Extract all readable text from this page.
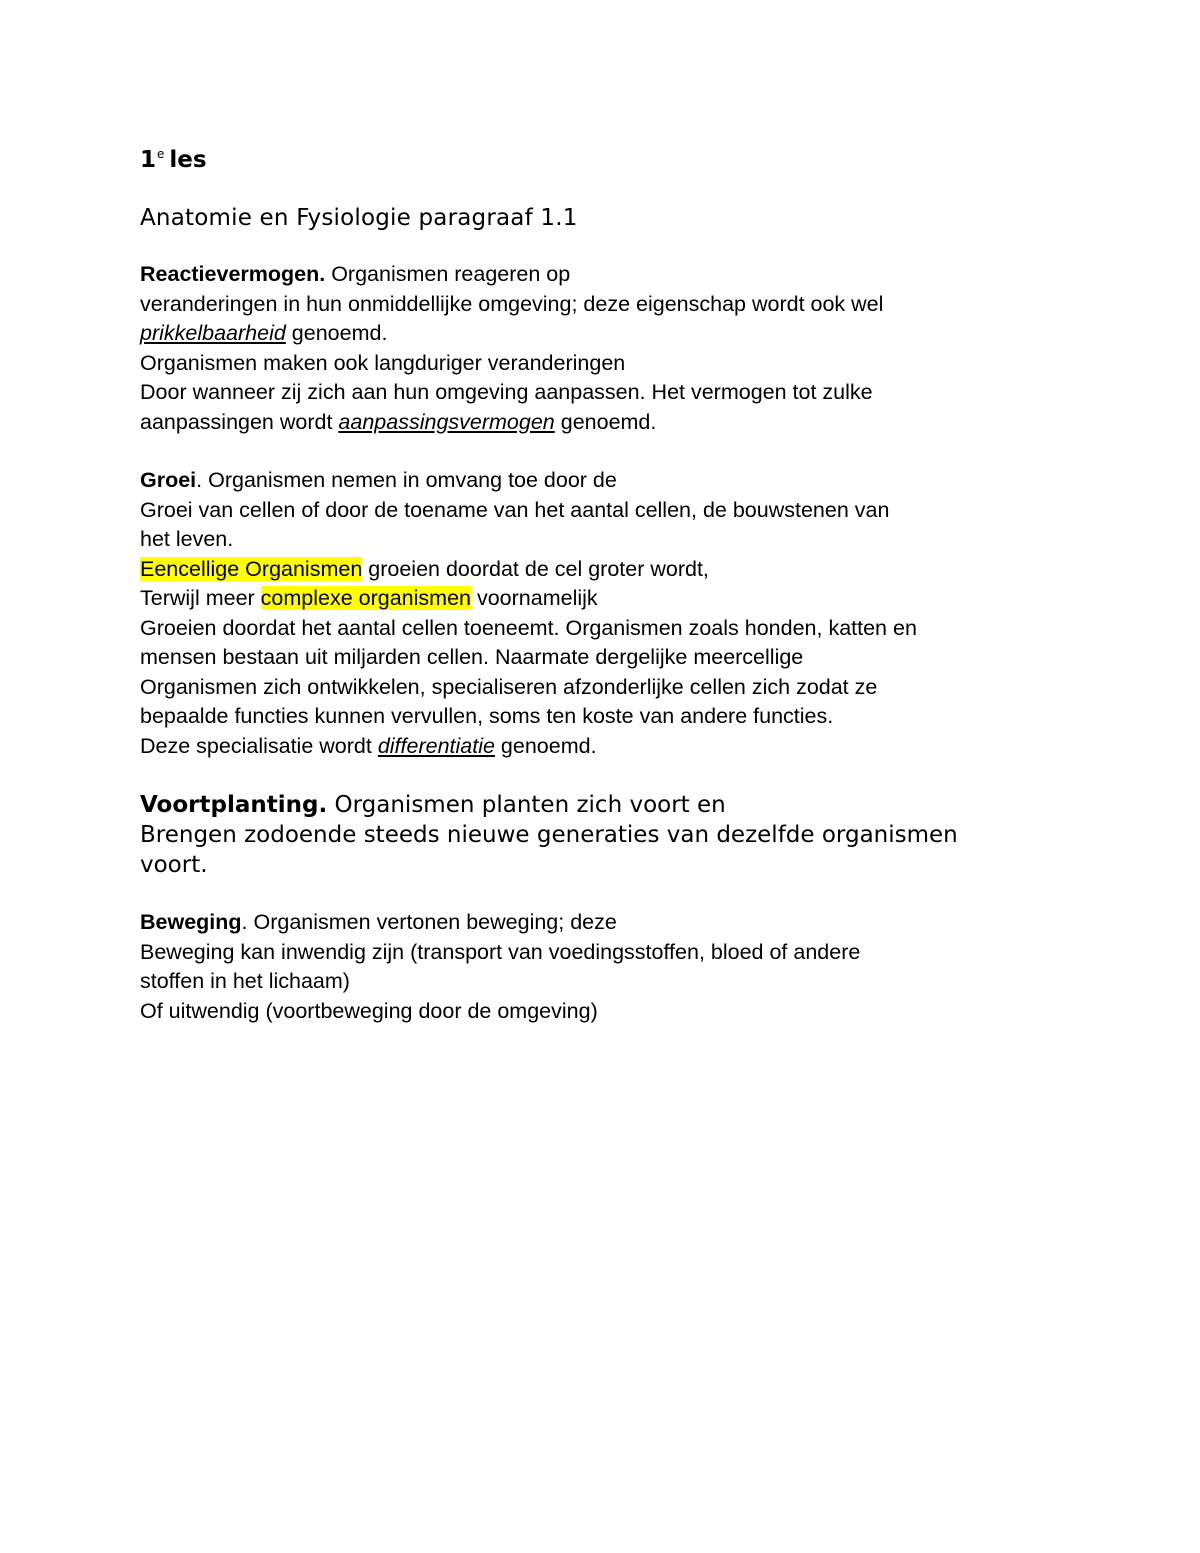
1e les
Anatomie en Fysiologie paragraaf 1.1
Reactievermogen. Organismen reageren op
veranderingen in hun onmiddellijke omgeving; deze eigenschap wordt ook wel
prikkelbaarheid genoemd.
Organismen maken ook langduriger veranderingen
Door wanneer zij zich aan hun omgeving aanpassen. Het vermogen tot zulke
aanpassingen wordt aanpassingsvermogen genoemd.
Groei. Organismen nemen in omvang toe door de
Groei van cellen of door de toename van het aantal cellen, de bouwstenen van
het leven.
Eencellige Organismen groeien doordat de cel groter wordt,
Terwijl meer complexe organismen voornamelijk
Groeien doordat het aantal cellen toeneemt. Organismen zoals honden, katten en
mensen bestaan uit miljarden cellen. Naarmate dergelijke meercellige
Organismen zich ontwikkelen, specialiseren afzonderlijke cellen zich zodat ze
bepaalde functies kunnen vervullen, soms ten koste van andere functies.
Deze specialisatie wordt differentiatie genoemd.
Voortplanting. Organismen planten zich voort en
Brengen zodoende steeds nieuwe generaties van dezelfde organismen
voort.
Beweging. Organismen vertonen beweging; deze
Beweging kan inwendig zijn (transport van voedingsstoffen, bloed of andere
stoffen in het lichaam)
Of uitwendig (voortbeweging door de omgeving)
